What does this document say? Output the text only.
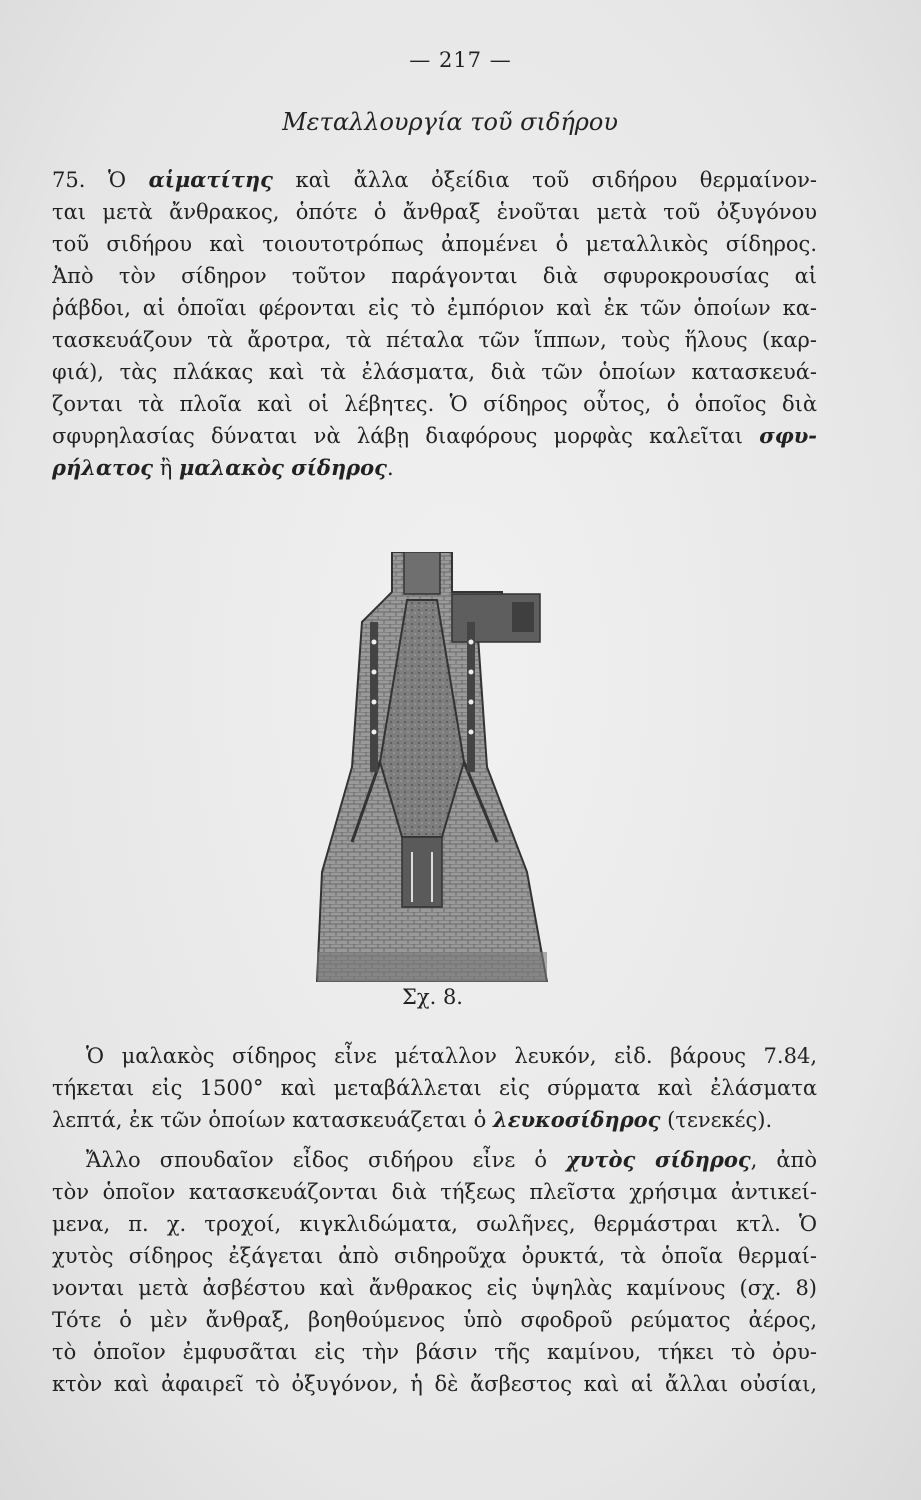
— 217 —
Μεταλλουργία τοῦ σιδήρου
75. Ὁ αἱματίτης καὶ ἄλλα ὀξείδια τοῦ σιδήρου θερμαίνον-
ται μετὰ ἄνθρακος, ὁπότε ὁ ἄνθραξ ἑνοῦται μετὰ τοῦ ὀξυγόνου
τοῦ σιδήρου καὶ τοιουτοτρόπως ἀπομένει ὁ μεταλλικὸς σίδηρος.
Ἀπὸ τὸν σίδηρον τοῦτον παράγονται διὰ σφυροκρουσίας αἱ
ῥάβδοι, αἱ ὁποῖαι φέρονται εἰς τὸ ἐμπόριον καὶ ἐκ τῶν ὁποίων κα-
τασκευάζουν τὰ ἄροτρα, τὰ πέταλα τῶν ἵππων, τοὺς ἥλους (καρ-
φιά), τὰς πλάκας καὶ τὰ ἐλάσματα, διὰ τῶν ὁποίων κατασκευά-
ζονται τὰ πλοῖα καὶ οἱ λέβητες. Ὁ σίδηρος οὗτος, ὁ ὁποῖος διὰ
σφυρηλασίας δύναται νὰ λάβῃ διαφόρους μορφὰς καλεῖται σφυ-
ρήλατος ἢ μαλακὸς σίδηρος.
Σχ. 8.
Ὁ μαλακὸς σίδηρος εἶνε μέταλλον λευκόν, εἰδ. βάρους 7.84,
τήκεται εἰς 1500° καὶ μεταβάλλεται εἰς σύρματα καὶ ἐλάσματα
λεπτά, ἐκ τῶν ὁποίων κατασκευάζεται ὁ λευκοσίδηρος (τενεκές).
Ἄλλο σπουδαῖον εἶδος σιδήρου εἶνε ὁ χυτὸς σίδηρος, ἀπὸ
τὸν ὁποῖον κατασκευάζονται διὰ τήξεως πλεῖστα χρήσιμα ἀντικεί-
μενα, π. χ. τροχοί, κιγκλιδώματα, σωλῆνες, θερμάστραι κτλ. Ὁ
χυτὸς σίδηρος ἐξάγεται ἀπὸ σιδηροῦχα ὀρυκτά, τὰ ὁποῖα θερμαί-
νονται μετὰ ἀσβέστου καὶ ἄνθρακος εἰς ὑψηλὰς καμίνους (σχ. 8)
Τότε ὁ μὲν ἄνθραξ, βοηθούμενος ὑπὸ σφοδροῦ ρεύματος ἀέρος,
τὸ ὁποῖον ἐμφυσᾶται εἰς τὴν βάσιν τῆς καμίνου, τήκει τὸ ὀρυ-
κτὸν καὶ ἀφαιρεῖ τὸ ὀξυγόνον, ἡ δὲ ἄσβεστος καὶ αἱ ἄλλαι οὐσίαι,
